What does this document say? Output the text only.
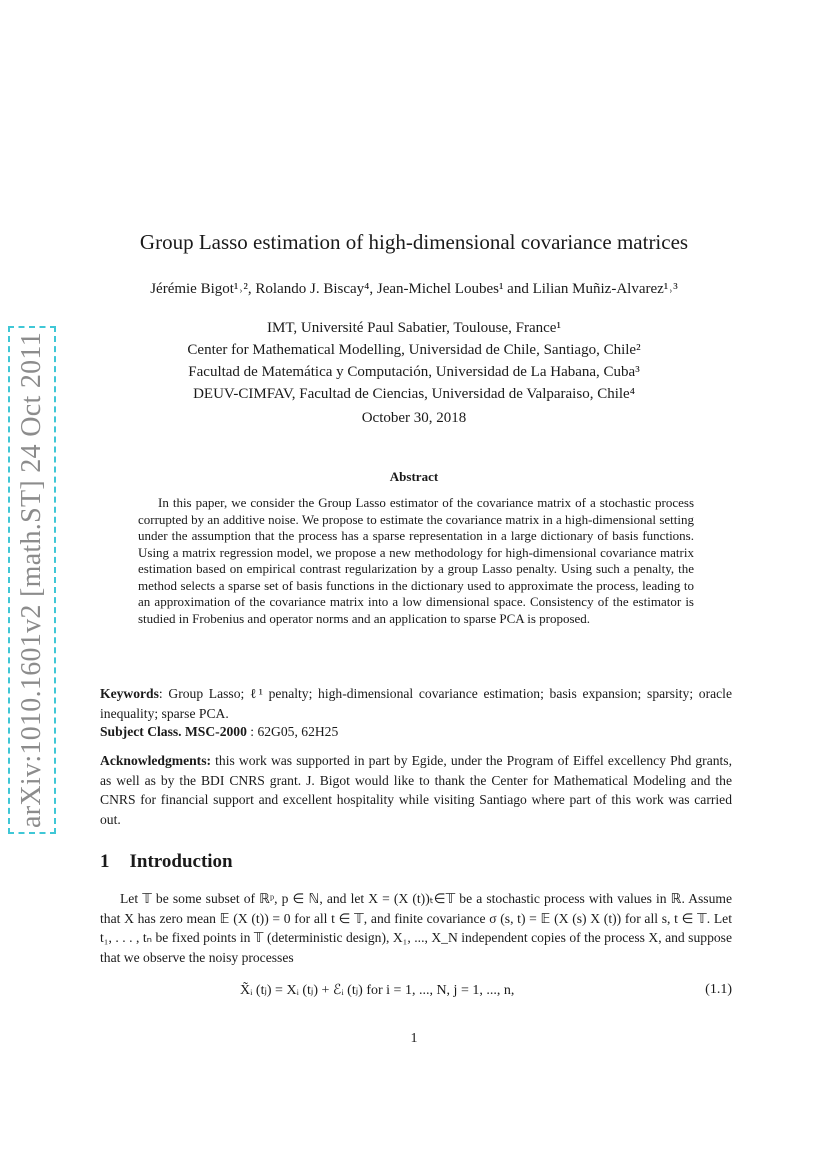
arXiv:1010.1601v2 [math.ST] 24 Oct 2011
Group Lasso estimation of high-dimensional covariance matrices
Jérémie Bigot¹˒², Rolando J. Biscay⁴, Jean-Michel Loubes¹ and Lilian Muñiz-Alvarez¹˒³
IMT, Université Paul Sabatier, Toulouse, France¹
Center for Mathematical Modelling, Universidad de Chile, Santiago, Chile²
Facultad de Matemática y Computación, Universidad de La Habana, Cuba³
DEUV-CIMFAV, Facultad de Ciencias, Universidad de Valparaiso, Chile⁴
October 30, 2018
Abstract
In this paper, we consider the Group Lasso estimator of the covariance matrix of a stochastic process corrupted by an additive noise. We propose to estimate the covariance matrix in a high-dimensional setting under the assumption that the process has a sparse representation in a large dictionary of basis functions. Using a matrix regression model, we propose a new methodology for high-dimensional covariance matrix estimation based on empirical contrast regularization by a group Lasso penalty. Using such a penalty, the method selects a sparse set of basis functions in the dictionary used to approximate the process, leading to an approximation of the covariance matrix into a low dimensional space. Consistency of the estimator is studied in Frobenius and operator norms and an application to sparse PCA is proposed.
Keywords: Group Lasso; ℓ¹ penalty; high-dimensional covariance estimation; basis expansion; sparsity; oracle inequality; sparse PCA.
Subject Class. MSC-2000 : 62G05, 62H25
Acknowledgments: this work was supported in part by Egide, under the Program of Eiffel excellency Phd grants, as well as by the BDI CNRS grant. J. Bigot would like to thank the Center for Mathematical Modeling and the CNRS for financial support and excellent hospitality while visiting Santiago where part of this work was carried out.
1 Introduction
Let 𝕋 be some subset of ℝᵖ, p ∈ ℕ, and let X = (X (t))ₜ∈𝕋 be a stochastic process with values in ℝ. Assume that X has zero mean 𝔼 (X (t)) = 0 for all t ∈ 𝕋, and finite covariance σ (s, t) = 𝔼 (X (s) X (t)) for all s, t ∈ 𝕋. Let t₁, . . . , tₙ be fixed points in 𝕋 (deterministic design), X₁, ..., X_N independent copies of the process X, and suppose that we observe the noisy processes
X̃ᵢ (tⱼ) = Xᵢ (tⱼ) + ℰᵢ (tⱼ) for i = 1, ..., N, j = 1, ..., n,	(1.1)
1
